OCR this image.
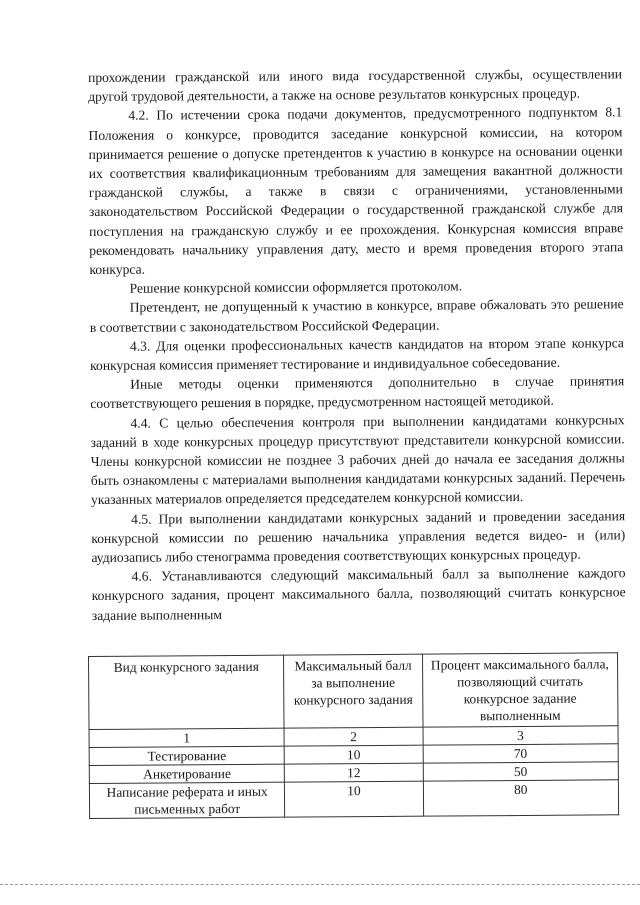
прохождении гражданской или иного вида государственной службы, осуществлении другой трудовой деятельности, а также на основе результатов конкурсных процедур.

4.2. По истечении срока подачи документов, предусмотренного подпунктом 8.1 Положения о конкурсе, проводится заседание конкурсной комиссии, на котором принимается решение о допуске претендентов к участию в конкурсе на основании оценки их соответствия квалификационным требованиям для замещения вакантной должности гражданской службы, а также в связи с ограничениями, установленными законодательством Российской Федерации о государственной гражданской службе для поступления на гражданскую службу и ее прохождения. Конкурсная комиссия вправе рекомендовать начальнику управления дату, место и время проведения второго этапа конкурса.

Решение конкурсной комиссии оформляется протоколом.

Претендент, не допущенный к участию в конкурсе, вправе обжаловать это решение в соответствии с законодательством Российской Федерации.

4.3. Для оценки профессиональных качеств кандидатов на втором этапе конкурса конкурсная комиссия применяет тестирование и индивидуальное собеседование.

Иные методы оценки применяются дополнительно в случае принятия соответствующего решения в порядке, предусмотренном настоящей методикой.

4.4. С целью обеспечения контроля при выполнении кандидатами конкурсных заданий в ходе конкурсных процедур присутствуют представители конкурсной комиссии. Члены конкурсной комиссии не позднее 3 рабочих дней до начала ее заседания должны быть ознакомлены с материалами выполнения кандидатами конкурсных заданий. Перечень указанных материалов определяется председателем конкурсной комиссии.

4.5. При выполнении кандидатами конкурсных заданий и проведении заседания конкурсной комиссии по решению начальника управления ведется видео- и (или) аудиозапись либо стенограмма проведения соответствующих конкурсных процедур.

4.6. Устанавливаются следующий максимальный балл за выполнение каждого конкурсного задания, процент максимального балла, позволяющий считать конкурсное задание выполненным

Вид конкурсного задания	Максимальный балл за выполнение конкурсного задания	Процент максимального балла, позволяющий считать конкурсное задание выполненным
1	2	3
Тестирование	10	70
Анкетирование	12	50
Написание реферата и иных письменных работ	10	80
